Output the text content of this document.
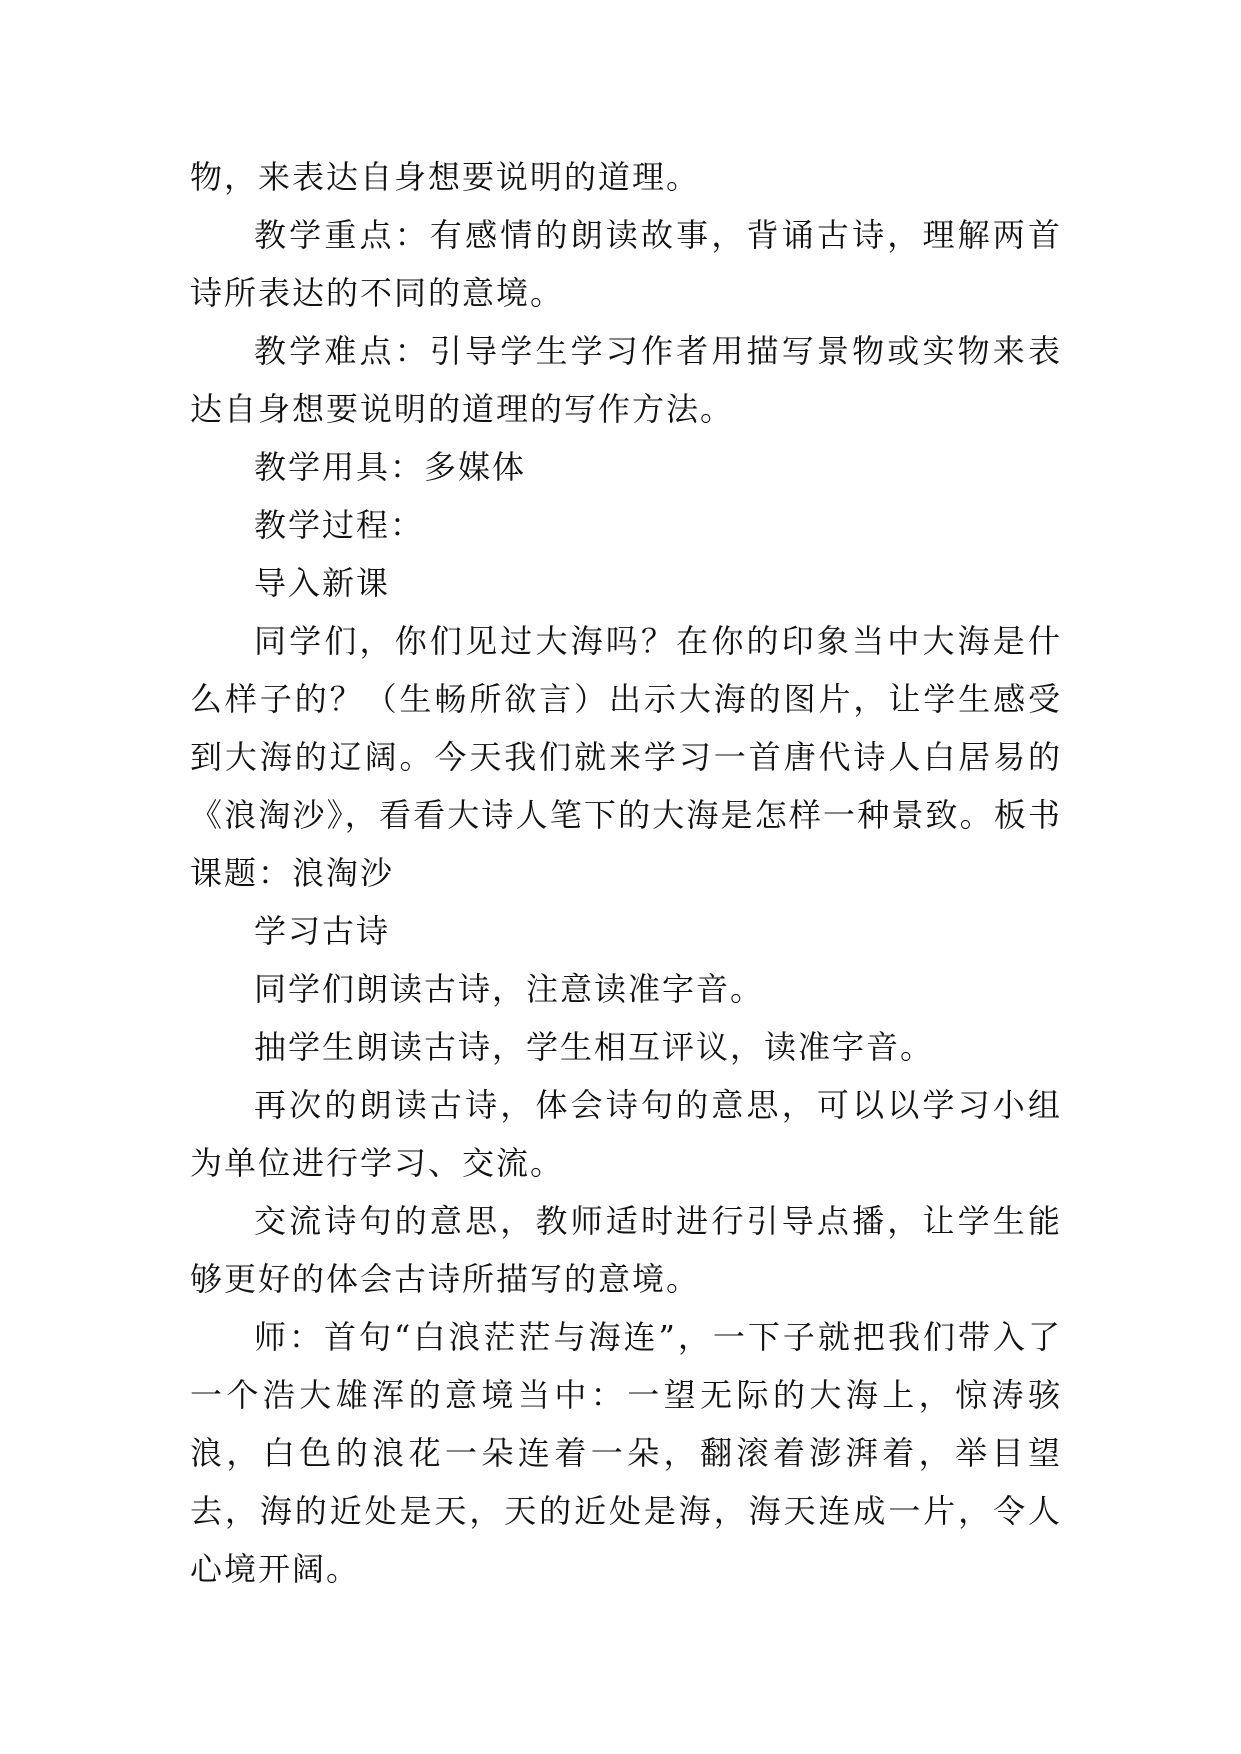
物，来表达自身想要说明的道理。

教学重点：有感情的朗读故事，背诵古诗，理解两首诗所表达的不同的意境。

教学难点：引导学生学习作者用描写景物或实物来表达自身想要说明的道理的写作方法。

教学用具：多媒体

教学过程：

导入新课

同学们，你们见过大海吗？在你的印象当中大海是什么样子的？（生畅所欲言）出示大海的图片，让学生感受到大海的辽阔。今天我们就来学习一首唐代诗人白居易的《浪淘沙》，看看大诗人笔下的大海是怎样一种景致。板书课题：浪淘沙

学习古诗

同学们朗读古诗，注意读准字音。

抽学生朗读古诗，学生相互评议，读准字音。

再次的朗读古诗，体会诗句的意思，可以以学习小组为单位进行学习、交流。

交流诗句的意思，教师适时进行引导点播，让学生能够更好的体会古诗所描写的意境。

师：首句“白浪茫茫与海连”，一下子就把我们带入了一个浩大雄浑的意境当中：一望无际的大海上，惊涛骇浪，白色的浪花一朵连着一朵，翻滚着澎湃着，举目望去，海的近处是天，天的近处是海，海天连成一片，令人心境开阔。
